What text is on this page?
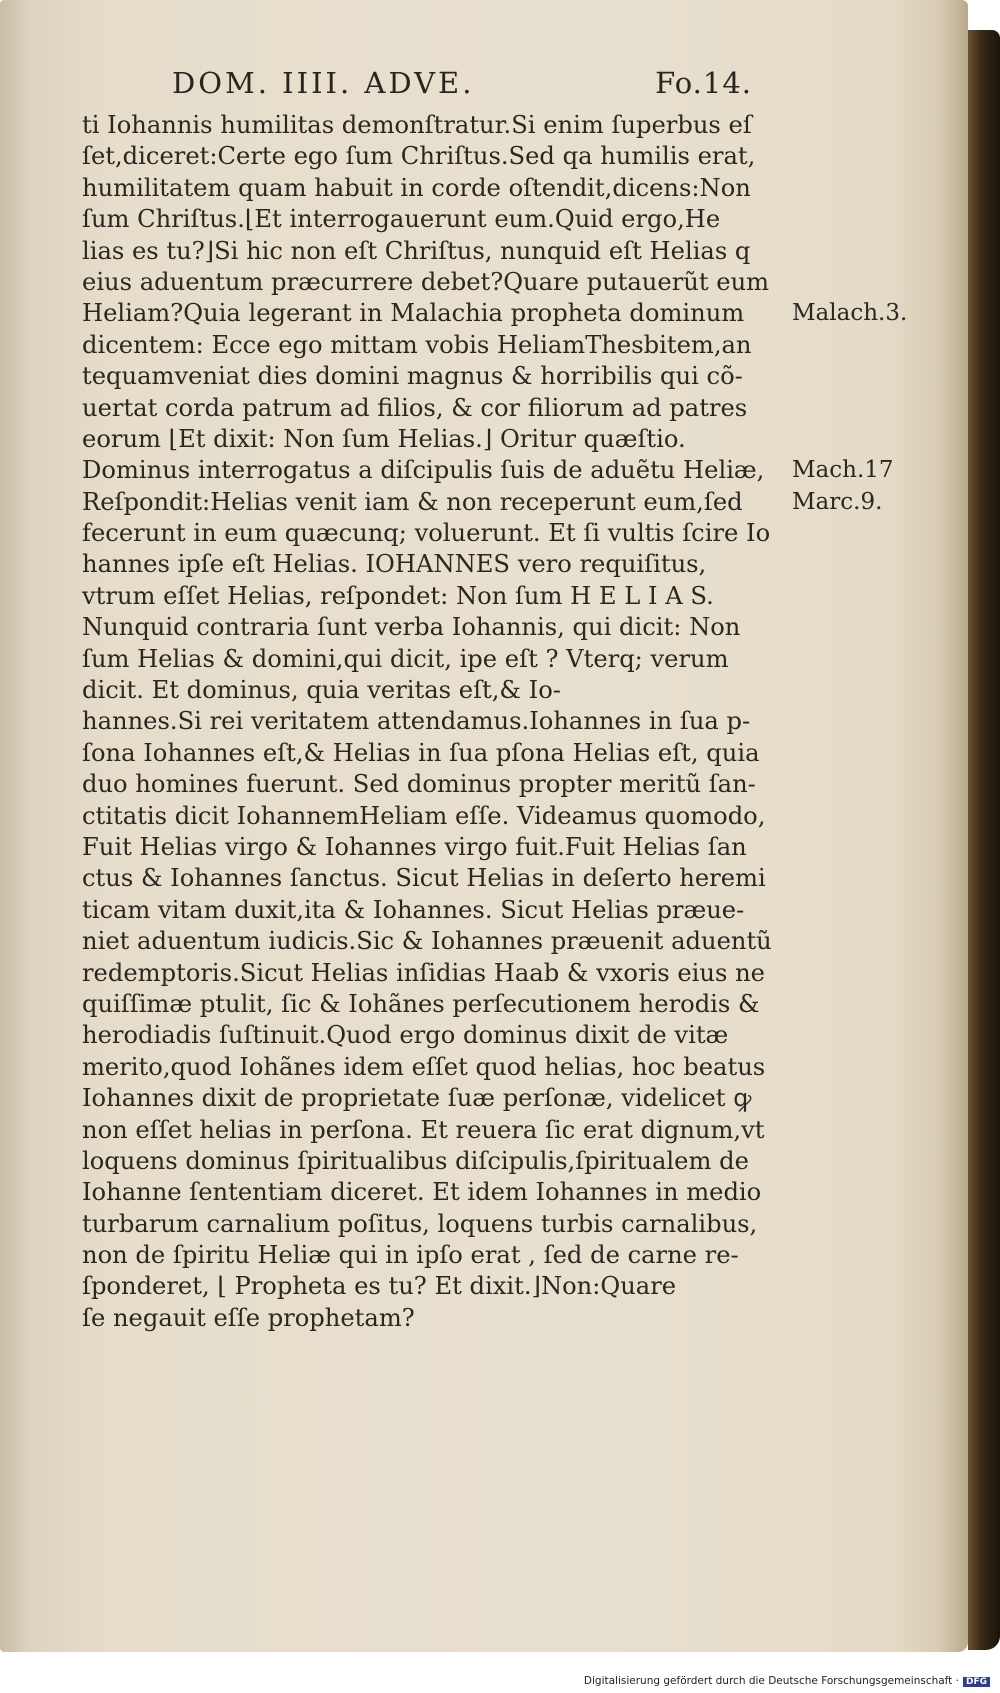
DOM. IIII. ADVE.	Fo.14.
ti Iohannis humilitas demonſtratur.Si enim ſuperbus eſ
ſet,diceret:Certe ego ſum Chriſtus.Sed qa humilis erat,
humilitatem quam habuit in corde oſtendit,dicens:Non
ſum Chriſtus.⌊Et interrogauerunt eum.Quid ergo,He
lias es tu?⌋Si hic non eſt Chriſtus, nunquid eſt Helias q
eius aduentum præcurrere debet?Quare putauerũt eum
Heliam?Quia legerant in Malachia propheta dominum
dicentem: Ecce ego mittam vobis HeliamThesbitem,an
tequamveniat dies domini magnus & horribilis qui cõ-
uertat corda patrum ad filios, & cor filiorum ad patres
eorum ⌊Et dixit: Non ſum Helias.⌋ Oritur quæſtio.
Dominus interrogatus a diſcipulis ſuis de aduẽtu Heliæ,
Reſpondit:Helias venit iam & non receperunt eum,ſed
fecerunt in eum quæcunq; voluerunt. Et ſi vultis ſcire Io
hannes ipſe eſt Helias. IOHANNES vero requiſitus,
vtrum eſſet Helias, reſpondet: Non ſum H E L I A S.
Nunquid contraria ſunt verba Iohannis, qui dicit: Non
ſum Helias & domini,qui dicit, ipe eſt ? Vterq; verum
dicit. Et dominus, quia veritas eſt,& Io-
hannes.Si rei veritatem attendamus.Iohannes in ſua p-
ſona Iohannes eſt,& Helias in ſua pſona Helias eſt, quia
duo homines fuerunt. Sed dominus propter meritũ ſan-
ctitatis dicit IohannemHeliam eſſe. Videamus quomodo,
Fuit Helias virgo & Iohannes virgo fuit.Fuit Helias ſan
ctus & Iohannes ſanctus. Sicut Helias in deſerto heremi
ticam vitam duxit,ita & Iohannes. Sicut Helias præue-
niet aduentum iudicis.Sic & Iohannes præuenit aduentũ
redemptoris.Sicut Helias inſidias Haab & vxoris eius ne
quiſſimæ ptulit, ſic & Iohãnes perſecutionem herodis &
herodiadis ſuſtinuit.Quod ergo dominus dixit de vitæ
merito,quod Iohãnes idem eſſet quod helias, hoc beatus
Iohannes dixit de proprietate ſuæ perſonæ, videlicet ꝙ
non eſſet helias in perſona. Et reuera ſic erat dignum,vt
loquens dominus ſpiritualibus diſcipulis,ſpiritualem de
Iohanne ſententiam diceret. Et idem Iohannes in medio
turbarum carnalium poſitus, loquens turbis carnalibus,
non de ſpiritu Heliæ qui in ipſo erat , ſed de carne re-
ſponderet, ⌊ Propheta es tu? Et dixit.⌋Non:Quare
ſe negauit eſſe prophetam?
Malach.3.
Mach.17
Marc.9.
Digitalisierung gefördert durch die Deutsche Forschungsgemeinschaft · DFG
